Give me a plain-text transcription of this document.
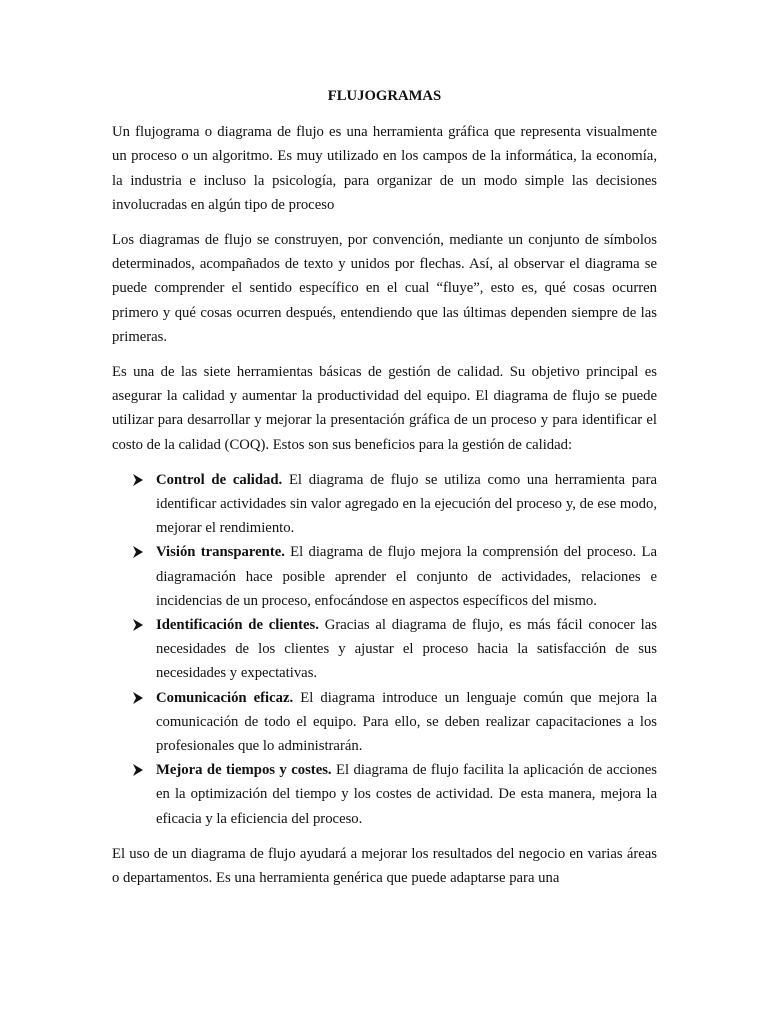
FLUJOGRAMAS

Un flujograma o diagrama de flujo es una herramienta gráfica que representa visualmente un proceso o un algoritmo. Es muy utilizado en los campos de la informática, la economía, la industria e incluso la psicología, para organizar de un modo simple las decisiones involucradas en algún tipo de proceso

Los diagramas de flujo se construyen, por convención, mediante un conjunto de símbolos determinados, acompañados de texto y unidos por flechas. Así, al observar el diagrama se puede comprender el sentido específico en el cual “fluye”, esto es, qué cosas ocurren primero y qué cosas ocurren después, entendiendo que las últimas dependen siempre de las primeras.

Es una de las siete herramientas básicas de gestión de calidad. Su objetivo principal es asegurar la calidad y aumentar la productividad del equipo. El diagrama de flujo se puede utilizar para desarrollar y mejorar la presentación gráfica de un proceso y para identificar el costo de la calidad (COQ). Estos son sus beneficios para la gestión de calidad:

Control de calidad. El diagrama de flujo se utiliza como una herramienta para identificar actividades sin valor agregado en la ejecución del proceso y, de ese modo, mejorar el rendimiento.
Visión transparente. El diagrama de flujo mejora la comprensión del proceso. La diagramación hace posible aprender el conjunto de actividades, relaciones e incidencias de un proceso, enfocándose en aspectos específicos del mismo.
Identificación de clientes. Gracias al diagrama de flujo, es más fácil conocer las necesidades de los clientes y ajustar el proceso hacia la satisfacción de sus necesidades y expectativas.
Comunicación eficaz. El diagrama introduce un lenguaje común que mejora la comunicación de todo el equipo. Para ello, se deben realizar capacitaciones a los profesionales que lo administrarán.
Mejora de tiempos y costes. El diagrama de flujo facilita la aplicación de acciones en la optimización del tiempo y los costes de actividad. De esta manera, mejora la eficacia y la eficiencia del proceso.

El uso de un diagrama de flujo ayudará a mejorar los resultados del negocio en varias áreas o departamentos. Es una herramienta genérica que puede adaptarse para una
